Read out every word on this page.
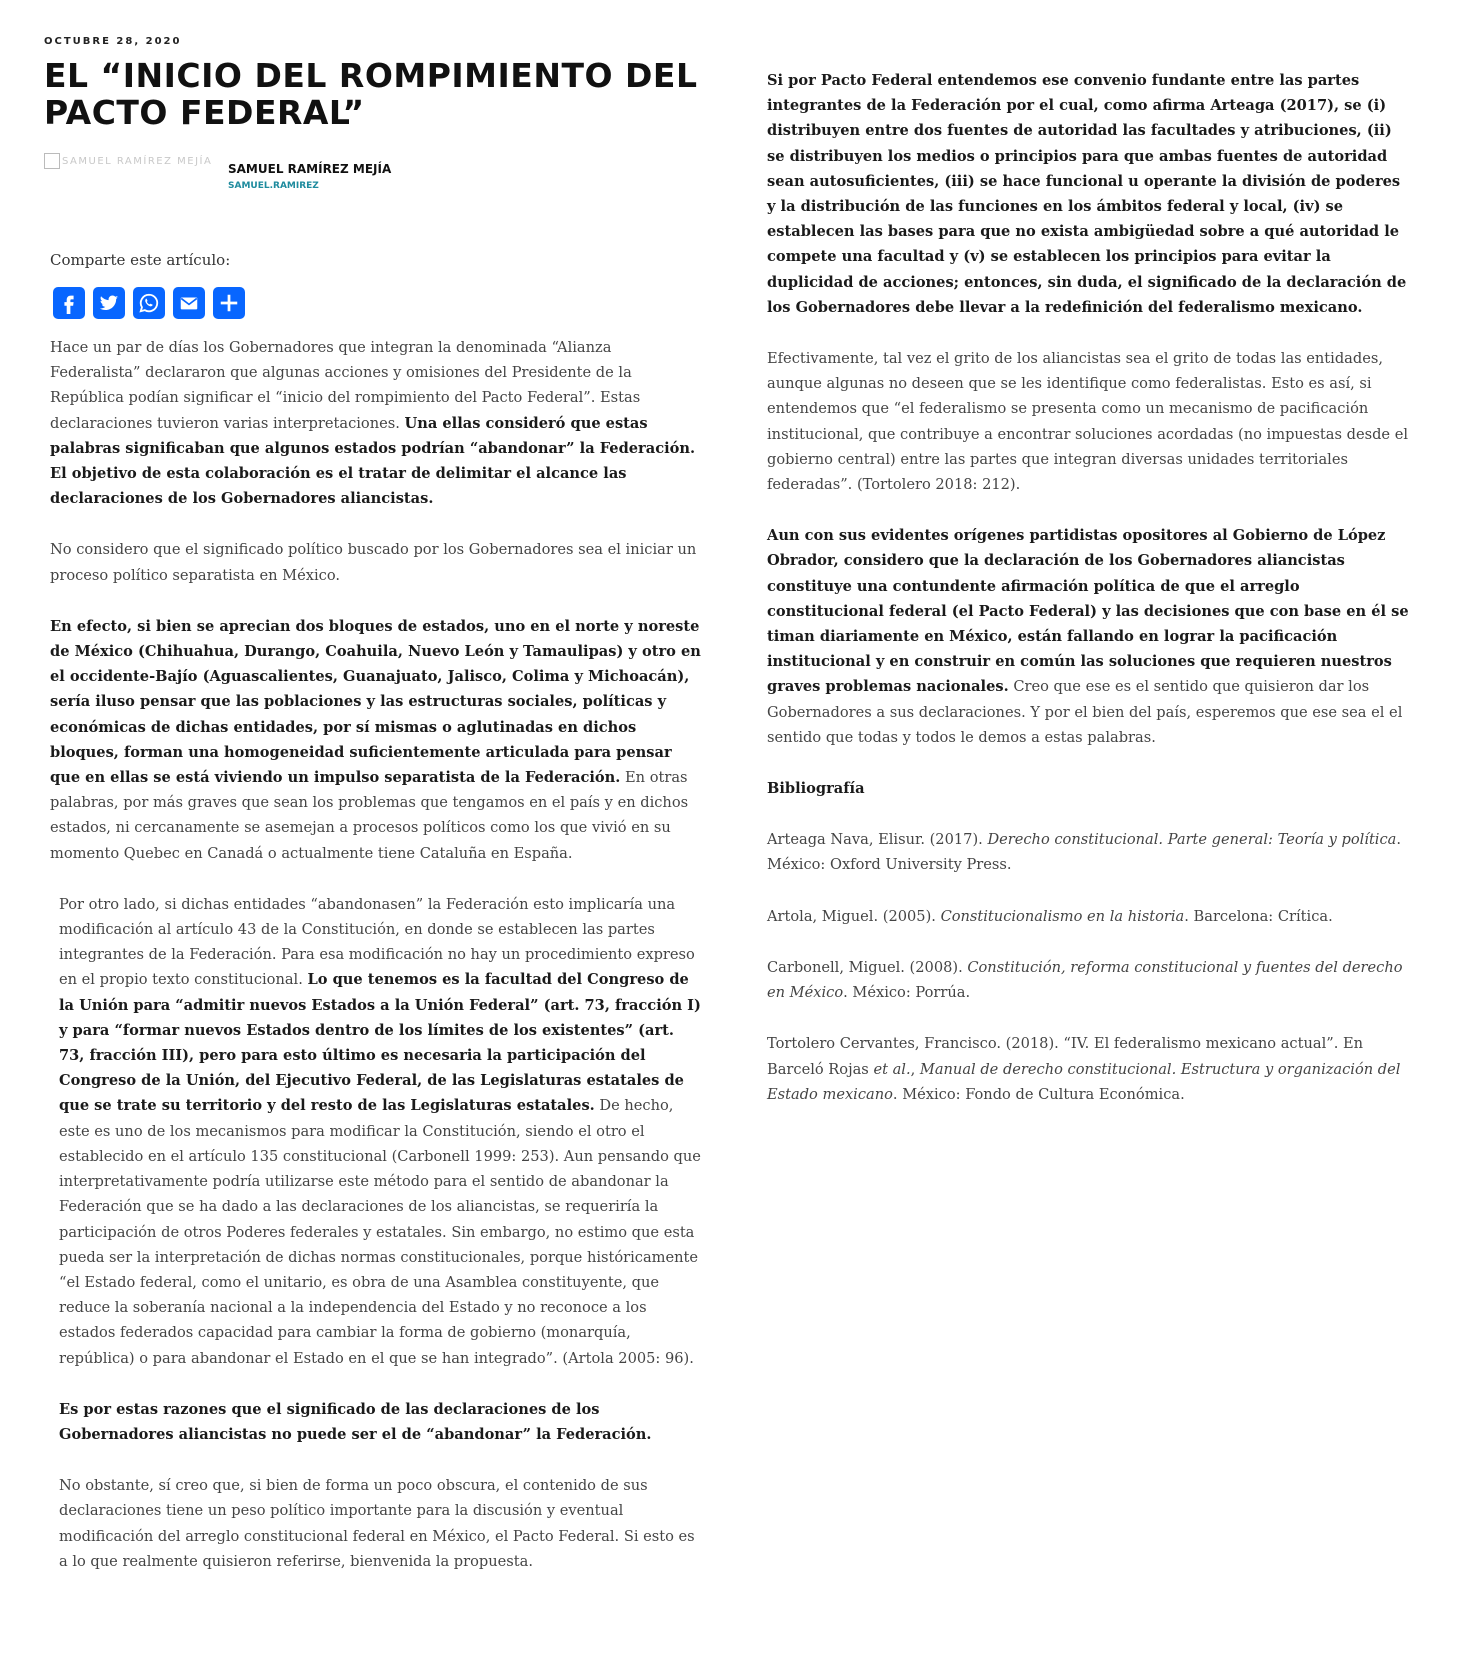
OCTUBRE 28, 2020
EL “INICIO DEL ROMPIMIENTO DEL PACTO FEDERAL”
SAMUEL RAMÍREZ MEJÍA
SAMUEL RAMÍREZ MEJÍA
SAMUEL.RAMIREZ
Comparte este artículo:

Hace un par de días los Gobernadores que integran la denominada “Alianza Federalista” declararon que algunas acciones y omisiones del Presidente de la República podían significar el “inicio del rompimiento del Pacto Federal”. Estas declaraciones tuvieron varias interpretaciones. Una ellas consideró que estas palabras significaban que algunos estados podrían “abandonar” la Federación. El objetivo de esta colaboración es el tratar de delimitar el alcance las declaraciones de los Gobernadores aliancistas.

No considero que el significado político buscado por los Gobernadores sea el iniciar un proceso político separatista en México.

En efecto, si bien se aprecian dos bloques de estados, uno en el norte y noreste de México (Chihuahua, Durango, Coahuila, Nuevo León y Tamaulipas) y otro en el occidente-Bajío (Aguascalientes, Guanajuato, Jalisco, Colima y Michoacán), sería iluso pensar que las poblaciones y las estructuras sociales, políticas y económicas de dichas entidades, por sí mismas o aglutinadas en dichos bloques, forman una homogeneidad suficientemente articulada para pensar que en ellas se está viviendo un impulso separatista de la Federación. En otras palabras, por más graves que sean los problemas que tengamos en el país y en dichos estados, ni cercanamente se asemejan a procesos políticos como los que vivió en su momento Quebec en Canadá o actualmente tiene Cataluña en España.

Por otro lado, si dichas entidades “abandonasen” la Federación esto implicaría una modificación al artículo 43 de la Constitución, en donde se establecen las partes integrantes de la Federación. Para esa modificación no hay un procedimiento expreso en el propio texto constitucional. Lo que tenemos es la facultad del Congreso de la Unión para “admitir nuevos Estados a la Unión Federal” (art. 73, fracción I) y para “formar nuevos Estados dentro de los límites de los existentes” (art. 73, fracción III), pero para esto último es necesaria la participación del Congreso de la Unión, del Ejecutivo Federal, de las Legislaturas estatales de que se trate su territorio y del resto de las Legislaturas estatales. De hecho, este es uno de los mecanismos para modificar la Constitución, siendo el otro el establecido en el artículo 135 constitucional (Carbonell 1999: 253). Aun pensando que interpretativamente podría utilizarse este método para el sentido de abandonar la Federación que se ha dado a las declaraciones de los aliancistas, se requeriría la participación de otros Poderes federales y estatales. Sin embargo, no estimo que esta pueda ser la interpretación de dichas normas constitucionales, porque históricamente “el Estado federal, como el unitario, es obra de una Asamblea constituyente, que reduce la soberanía nacional a la independencia del Estado y no reconoce a los estados federados capacidad para cambiar la forma de gobierno (monarquía, república) o para abandonar el Estado en el que se han integrado”. (Artola 2005: 96).

Es por estas razones que el significado de las declaraciones de los Gobernadores aliancistas no puede ser el de “abandonar” la Federación.

No obstante, sí creo que, si bien de forma un poco obscura, el contenido de sus declaraciones tiene un peso político importante para la discusión y eventual modificación del arreglo constitucional federal en México, el Pacto Federal. Si esto es a lo que realmente quisieron referirse, bienvenida la propuesta.

Si por Pacto Federal entendemos ese convenio fundante entre las partes integrantes de la Federación por el cual, como afirma Arteaga (2017), se (i) distribuyen entre dos fuentes de autoridad las facultades y atribuciones, (ii) se distribuyen los medios o principios para que ambas fuentes de autoridad sean autosuficientes, (iii) se hace funcional u operante la división de poderes y la distribución de las funciones en los ámbitos federal y local, (iv) se establecen las bases para que no exista ambigüedad sobre a qué autoridad le compete una facultad y (v) se establecen los principios para evitar la duplicidad de acciones; entonces, sin duda, el significado de la declaración de los Gobernadores debe llevar a la redefinición del federalismo mexicano.

Efectivamente, tal vez el grito de los aliancistas sea el grito de todas las entidades, aunque algunas no deseen que se les identifique como federalistas. Esto es así, si entendemos que “el federalismo se presenta como un mecanismo de pacificación institucional, que contribuye a encontrar soluciones acordadas (no impuestas desde el gobierno central) entre las partes que integran diversas unidades territoriales federadas”. (Tortolero 2018: 212).

Aun con sus evidentes orígenes partidistas opositores al Gobierno de López Obrador, considero que la declaración de los Gobernadores aliancistas constituye una contundente afirmación política de que el arreglo constitucional federal (el Pacto Federal) y las decisiones que con base en él se timan diariamente en México, están fallando en lograr la pacificación institucional y en construir en común las soluciones que requieren nuestros graves problemas nacionales. Creo que ese es el sentido que quisieron dar los Gobernadores a sus declaraciones. Y por el bien del país, esperemos que ese sea el el sentido que todas y todos le demos a estas palabras.

Bibliografía

Arteaga Nava, Elisur. (2017). Derecho constitucional. Parte general: Teoría y política. México: Oxford University Press.

Artola, Miguel. (2005). Constitucionalismo en la historia. Barcelona: Crítica.

Carbonell, Miguel. (2008). Constitución, reforma constitucional y fuentes del derecho en México. México: Porrúa.

Tortolero Cervantes, Francisco. (2018). “IV. El federalismo mexicano actual”. En Barceló Rojas et al., Manual de derecho constitucional. Estructura y organización del Estado mexicano. México: Fondo de Cultura Económica.
